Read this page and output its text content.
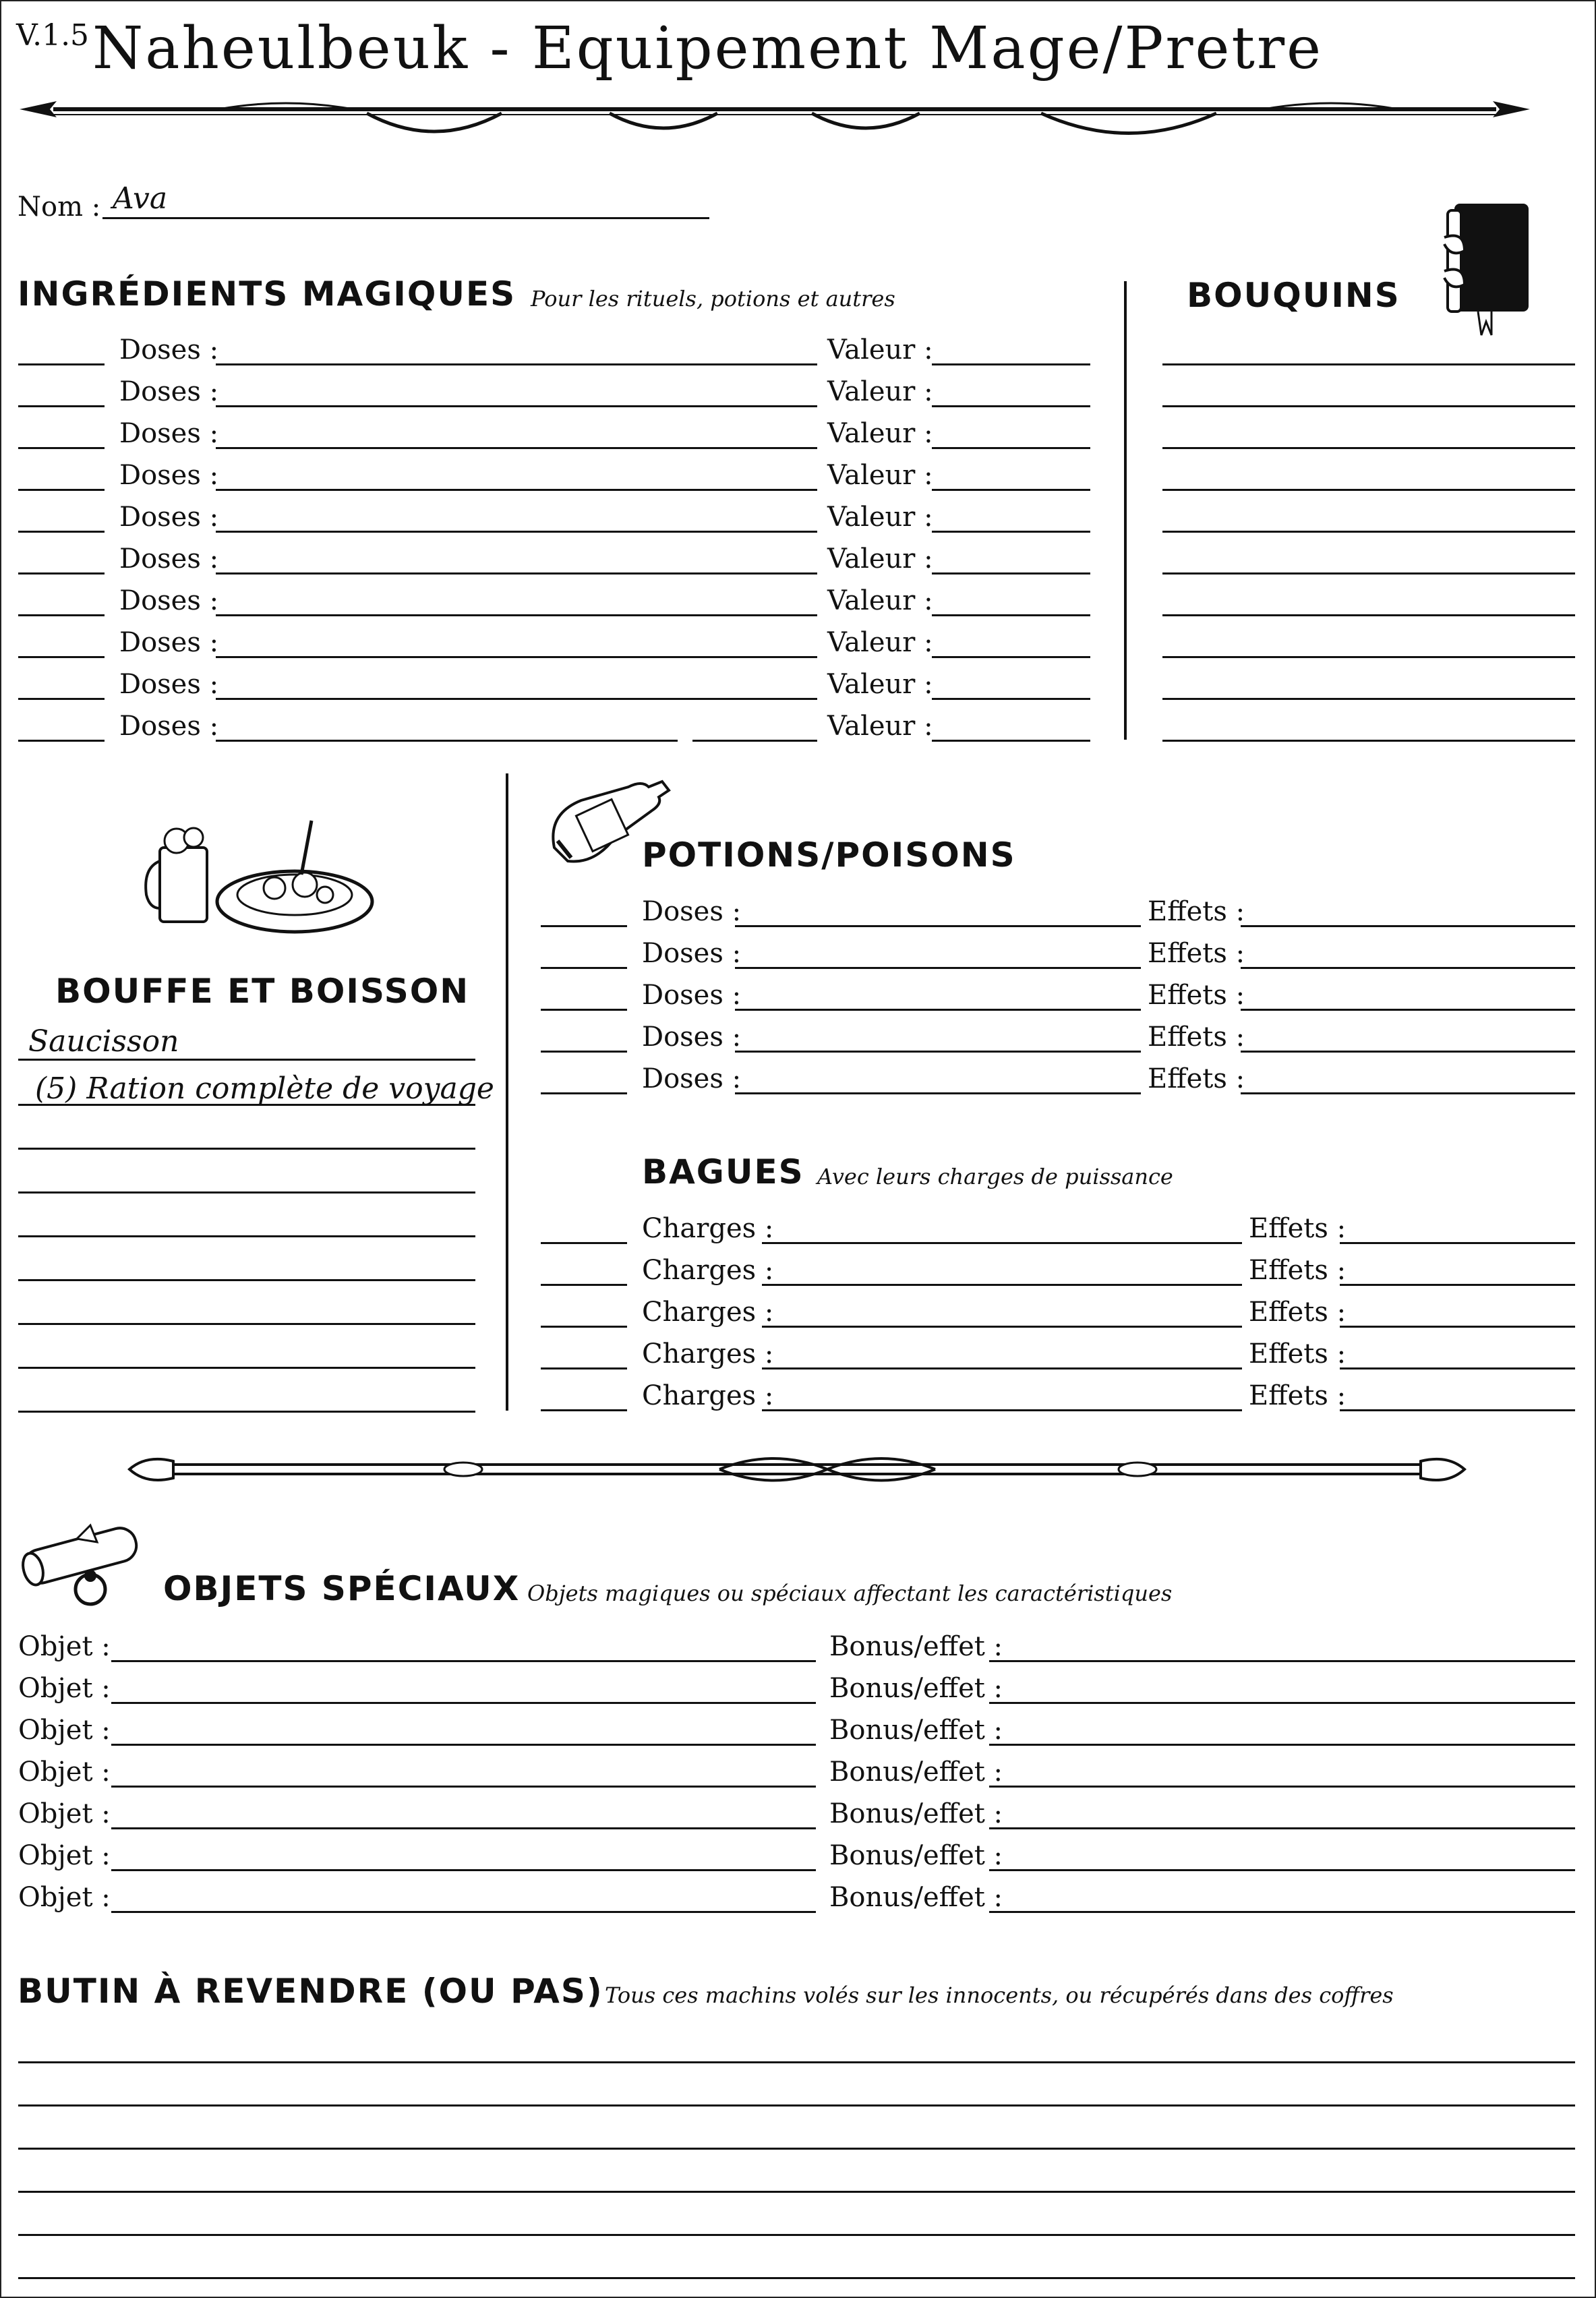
V.1.5 Naheulbeuk - Equipement Mage/Pretre
Nom : Ava
INGRÉDIENTS MAGIQUES Pour les rituels, potions et autres
Doses :	Valeur :
Doses :	Valeur :
Doses :	Valeur :
Doses :	Valeur :
Doses :	Valeur :
Doses :	Valeur :
Doses :	Valeur :
Doses :	Valeur :
Doses :	Valeur :
Doses :	Valeur :
BOUQUINS
BOUFFE ET BOISSON
Saucisson
(5) Ration complète de voyage
POTIONS/POISONS
Doses :	Effets :
Doses :	Effets :
Doses :	Effets :
Doses :	Effets :
Doses :	Effets :
BAGUES Avec leurs charges de puissance
Charges :	Effets :
Charges :	Effets :
Charges :	Effets :
Charges :	Effets :
Charges :	Effets :
OBJETS SPÉCIAUX Objets magiques ou spéciaux affectant les caractéristiques
Objet :	Bonus/effet :
Objet :	Bonus/effet :
Objet :	Bonus/effet :
Objet :	Bonus/effet :
Objet :	Bonus/effet :
Objet :	Bonus/effet :
Objet :	Bonus/effet :
BUTIN À REVENDRE (OU PAS) Tous ces machins volés sur les innocents, ou récupérés dans des coffres
